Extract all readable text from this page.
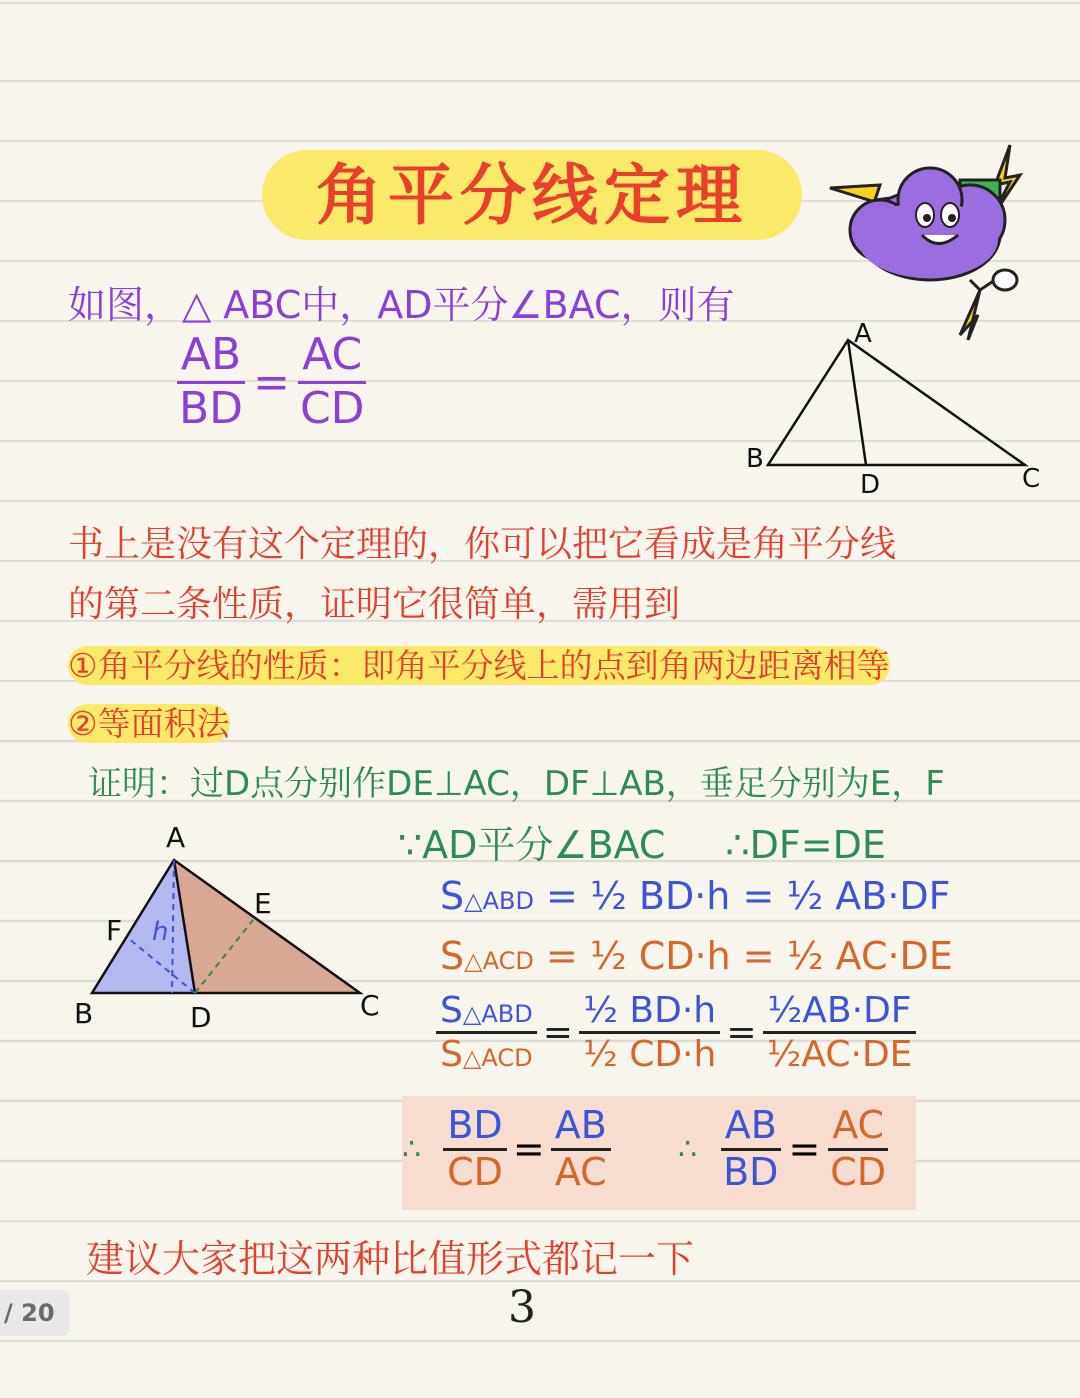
角平分线定理
如图，△ ABC中，AD平分∠BAC，则有
$\frac{AB}{BD} = \frac{AC}{CD}$	A
B
C
D
书上是没有这个定理的，你可以把它看成是角平分线
的第二条性质，证明它很简单，需用到
①角平分线的性质：即角平分线上的点到角两边距离相等
②等面积法
证明：过D点分别作DE⊥AC，DF⊥AB，垂足分别为E，F
A
B	C
D
E
F h
∵AD平分∠BAC ∴DF=DE
S△ABD = ½ BD·h = ½ AB·DF
S△ACD = ½ CD·h = ½ AC·DE
$\frac{\text{S△ABD}}{\text{S△ACD}} = \frac{\text{½ BD·h}}{\text{½ CD·h}} = \frac{\text{½AB·DF}}{\text{½AC·DE}}$
∴ $\frac{BD}{CD} = \frac{AB}{AC}$ ∴ $\frac{AB}{BD} = \frac{AC}{CD}$
建议大家把这两种比值形式都记一下
/ 20	3
